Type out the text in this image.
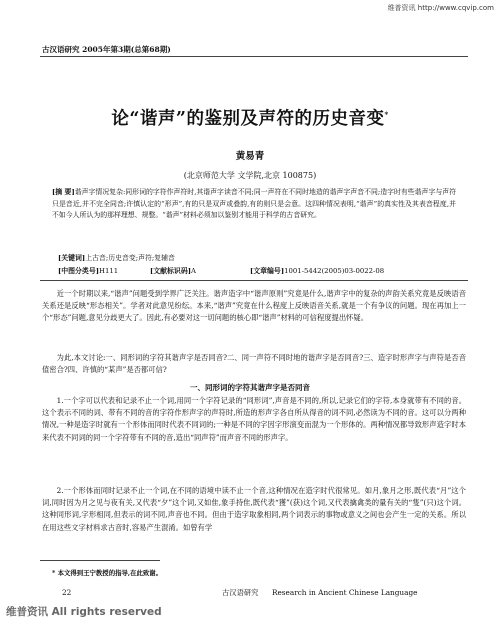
维普资讯 http://www.cqvip.com
古汉语研究 2005年第3期(总第68期)
论“谐声”的鉴别及声符的历史音变*
黄易青
(北京师范大学 文学院,北京 100875)
[摘 要]谐声字情况复杂:同形词的字符作声符时,其谐声字读音不同;同一声符在不同时地造的谐声字声音不同;造字时有些谐声字与声符只是音近,并不完全同音;许慎认定的“形声”,有的只是双声或叠韵,有的则只是会意。这四种情况表明,“谐声”的真实性及其表音程度,并不如今人所认为的那样理想、规整。“谐声”材料必须加以鉴别才能用于科学的古音研究。
[关键词]上古音;历史音变;声符;复辅音
[中图分类号]H111	[文献标识码]A	[文章编号]1001-5442(2005)03-0022-08

近一个时期以来,“谐声”问题受到学界广泛关注。谐声造字中“谐声原则”究竟是什么,谐声字中的复杂的声韵关系究竟是反映语音关系还是反映“形态相关”。学者对此意见纷纭。本来,“谐声”究竟在什么程度上反映语音关系,就是一个有争议的问题。现在再加上一个“形态”问题,意见分歧更大了。因此,有必要对这一切问题的核心即“谐声”材料的可信程度提出怀疑。

为此,本文讨论:一、同形词的字符其谐声字是否同音?二、同一声符不同时地的谐声字是否同音?三、造字时形声字与声符是否音值密合?四、许慎的“某声”是否都可信?

一、同形词的字符其谐声字是否同音

1.一个字可以代表和记录不止一个词,用同一个字符记录的“同形词”,声音是不同的,所以,记录它们的字符,本身就带有不同的音。这个表示不同的词、带有不同的音的字符作形声字的声符时,所造的形声字各自所从得音的词不同,必然读为不同的音。这可以分两种情况,一种是造字时就有一个形体而同时代表不同词的;一种是不同的字因字形演变而混为一个形体的。两种情况都导致形声造字时本来代表不同词的同一个字符带有不同的音,造出“同声符”而声音不同的形声字。

2.一个形体而同时记录不止一个词,在不同的语境中读不止一个音,这种情况在造字时代很常见。如月,象月之形,既代表“月”这个词,同时因为月之见与夜有关,又代表“夕”这个词,又如隹,象手持隹,既代表“獲”(获)这个词,又代表擒禽类的量有关的“隻”(只)这个词。这种同形词,字形相同,但表示的词不同,声音也不同。但由于造字取象相同,两个词表示的事物或意义之间也会产生一定的关系。所以在用这些文字材料求古音时,容易产生混淆。如曾有学

* 本文得到王宁教授的指导,在此致谢。
22	古汉语研究 Research in Ancient Chinese Language
维普资讯 All rights reserved
